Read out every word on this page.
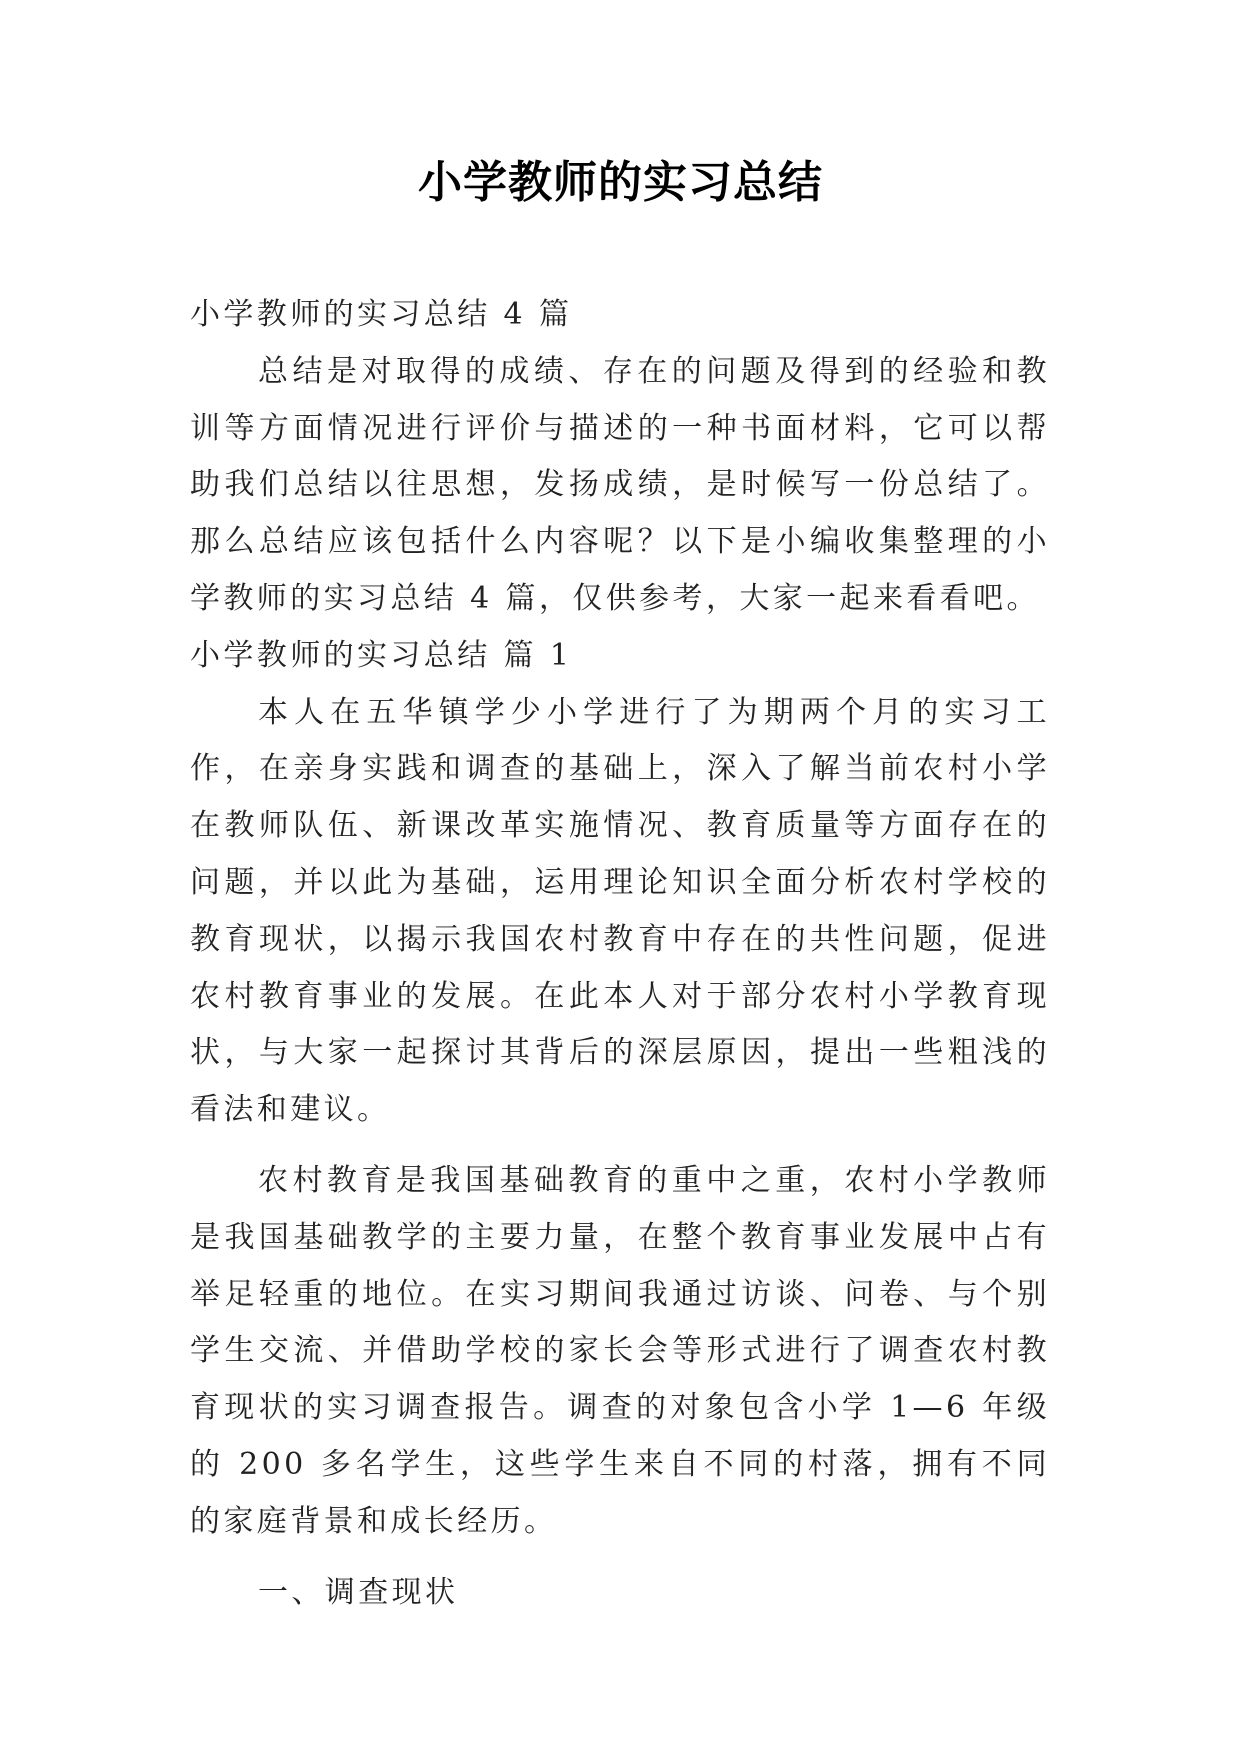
小学教师的实习总结

小学教师的实习总结 4 篇

总结是对取得的成绩、存在的问题及得到的经验和教训等方面情况进行评价与描述的一种书面材料，它可以帮助我们总结以往思想，发扬成绩，是时候写一份总结了。那么总结应该包括什么内容呢？以下是小编收集整理的小学教师的实习总结 4 篇，仅供参考，大家一起来看看吧。

小学教师的实习总结 篇 1

本人在五华镇学少小学进行了为期两个月的实习工作，在亲身实践和调查的基础上，深入了解当前农村小学在教师队伍、新课改革实施情况、教育质量等方面存在的问题，并以此为基础，运用理论知识全面分析农村学校的教育现状，以揭示我国农村教育中存在的共性问题，促进农村教育事业的发展。在此本人对于部分农村小学教育现状，与大家一起探讨其背后的深层原因，提出一些粗浅的看法和建议。

农村教育是我国基础教育的重中之重，农村小学教师是我国基础教学的主要力量，在整个教育事业发展中占有举足轻重的地位。在实习期间我通过访谈、问卷、与个别学生交流、并借助学校的家长会等形式进行了调查农村教育现状的实习调查报告。调查的对象包含小学 1—6 年级的 200 多名学生，这些学生来自不同的村落，拥有不同的家庭背景和成长经历。

一、调查现状
